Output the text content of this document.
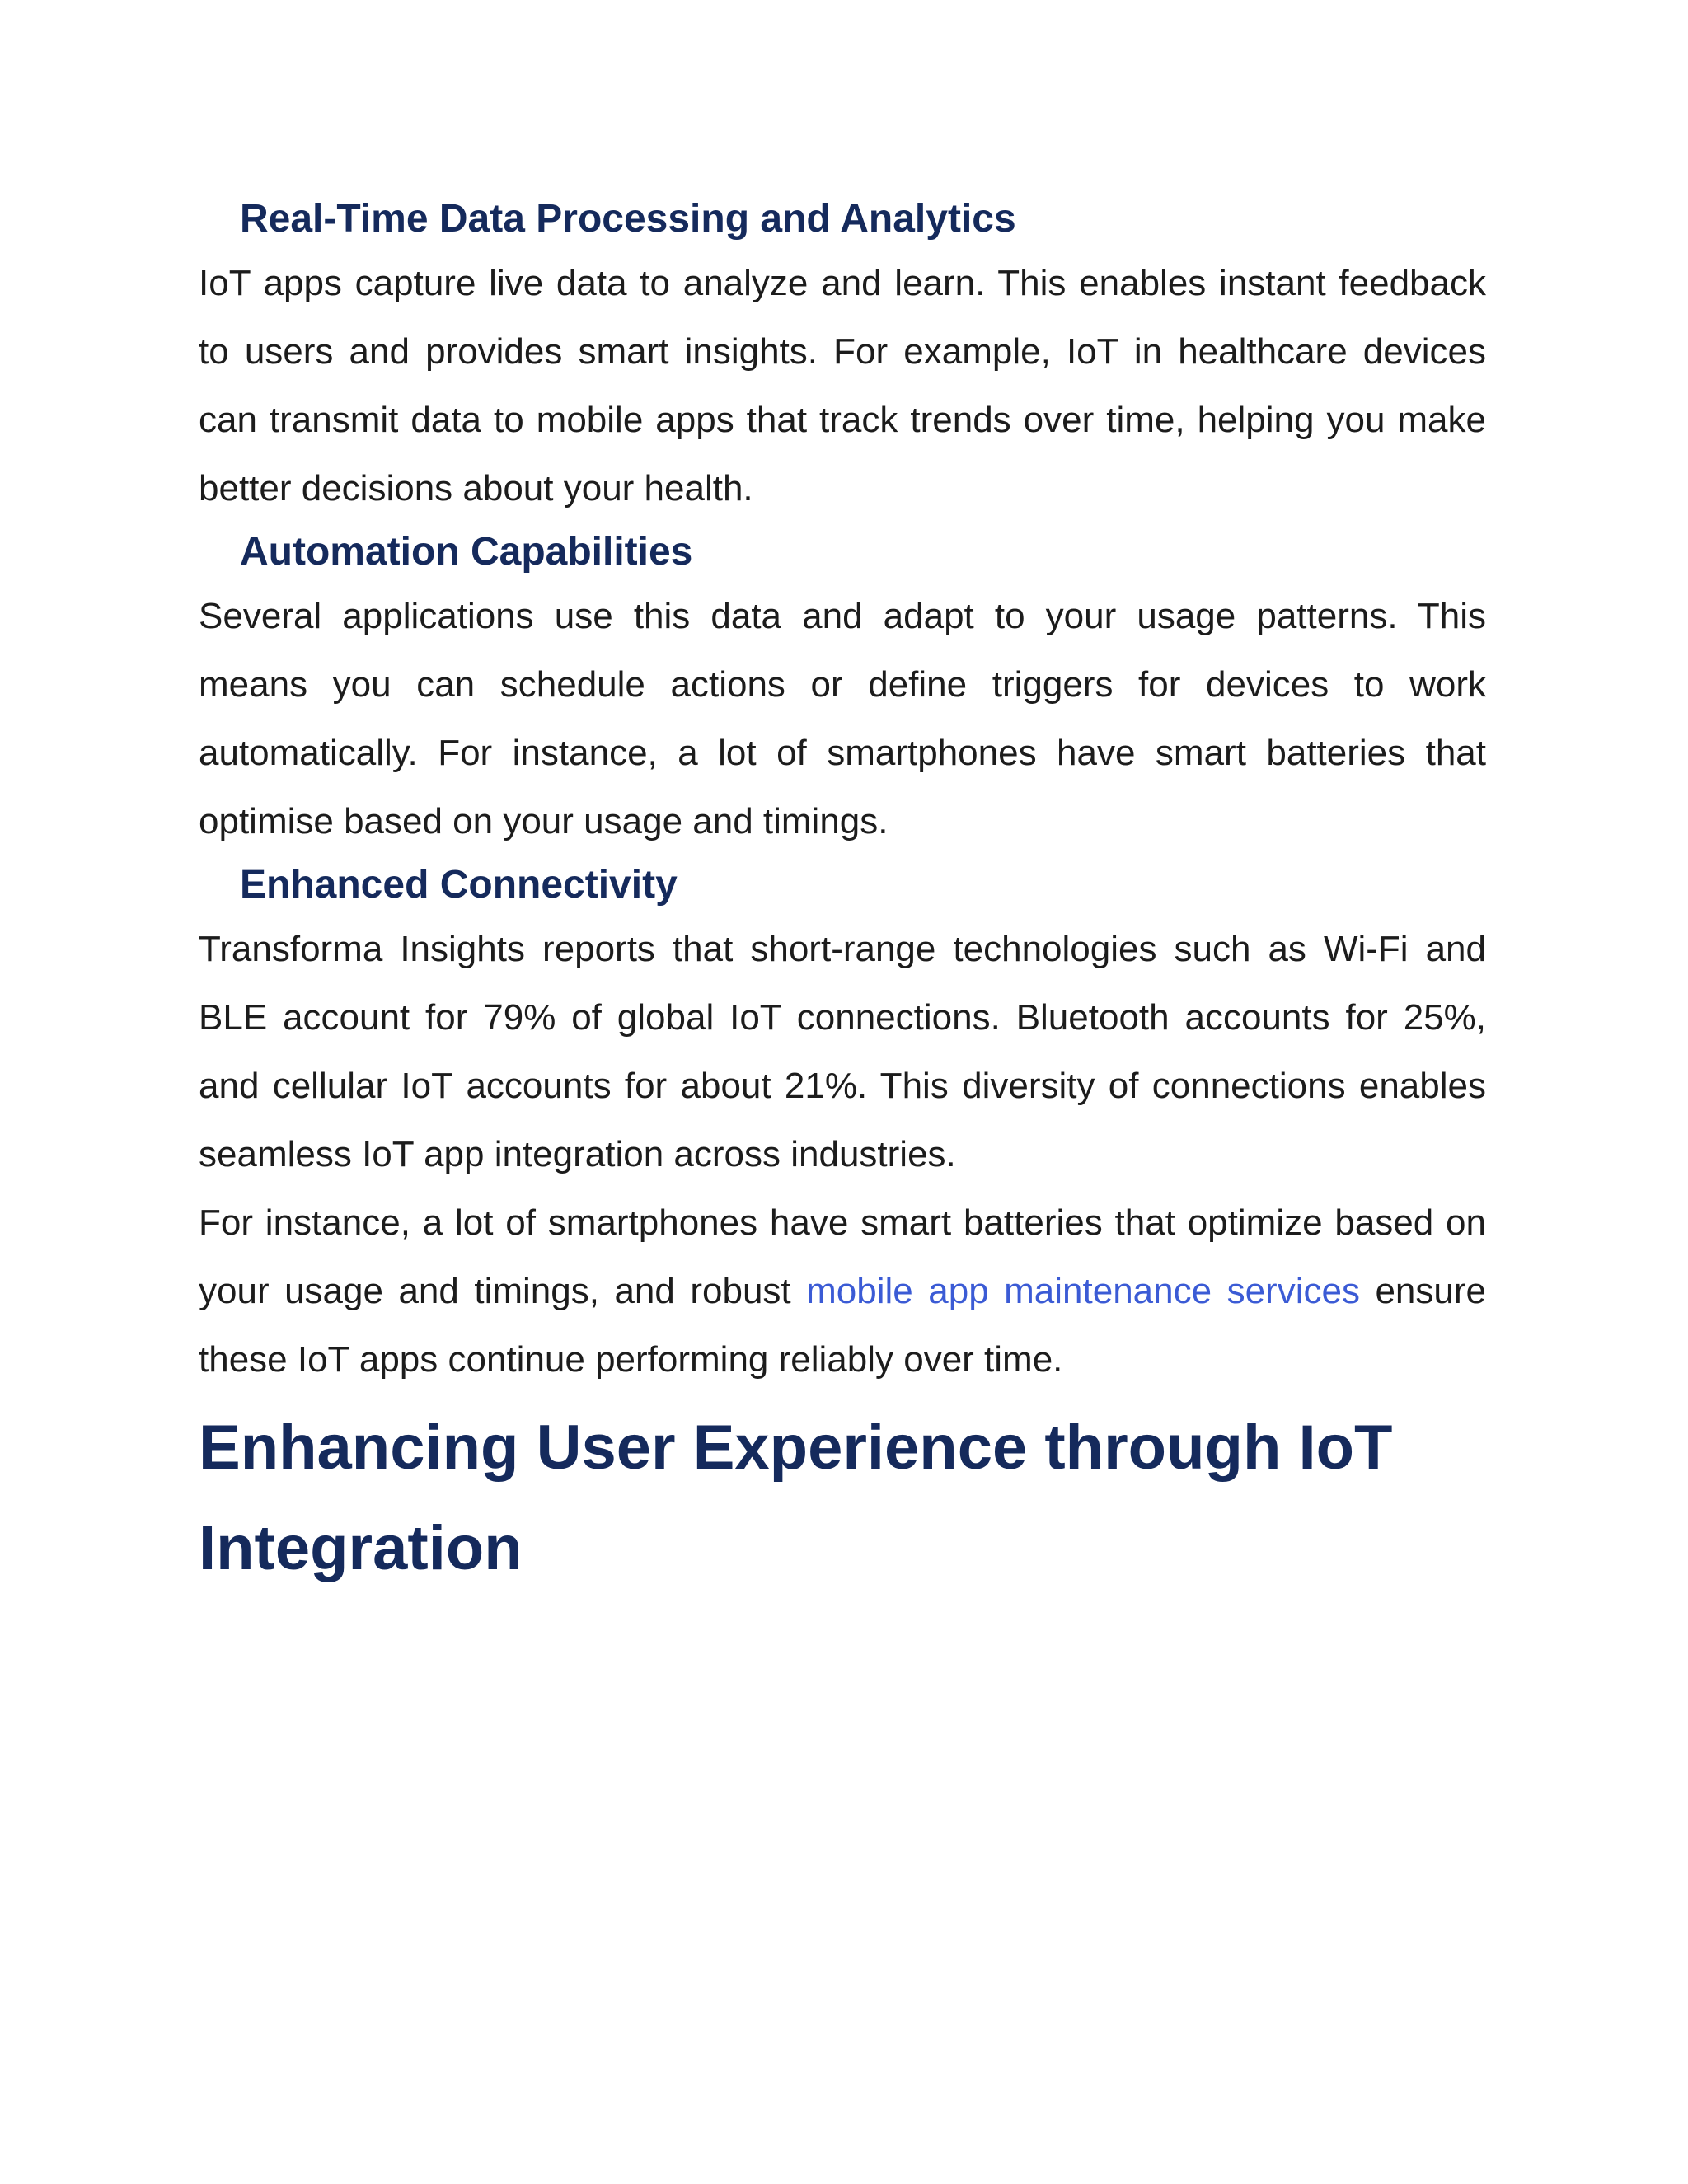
Real-Time Data Processing and Analytics

IoT apps capture live data to analyze and learn. This enables instant feedback to users and provides smart insights. For example, IoT in healthcare devices can transmit data to mobile apps that track trends over time, helping you make better decisions about your health.

Automation Capabilities

Several applications use this data and adapt to your usage patterns. This means you can schedule actions or define triggers for devices to work automatically. For instance, a lot of smartphones have smart batteries that optimise based on your usage and timings.

Enhanced Connectivity

Transforma Insights reports that short-range technologies such as Wi-Fi and BLE account for 79% of global IoT connections. Bluetooth accounts for 25%, and cellular IoT accounts for about 21%. This diversity of connections enables seamless IoT app integration across industries.

For instance, a lot of smartphones have smart batteries that optimize based on your usage and timings, and robust mobile app maintenance services ensure these IoT apps continue performing reliably over time.

Enhancing User Experience through IoT Integration
